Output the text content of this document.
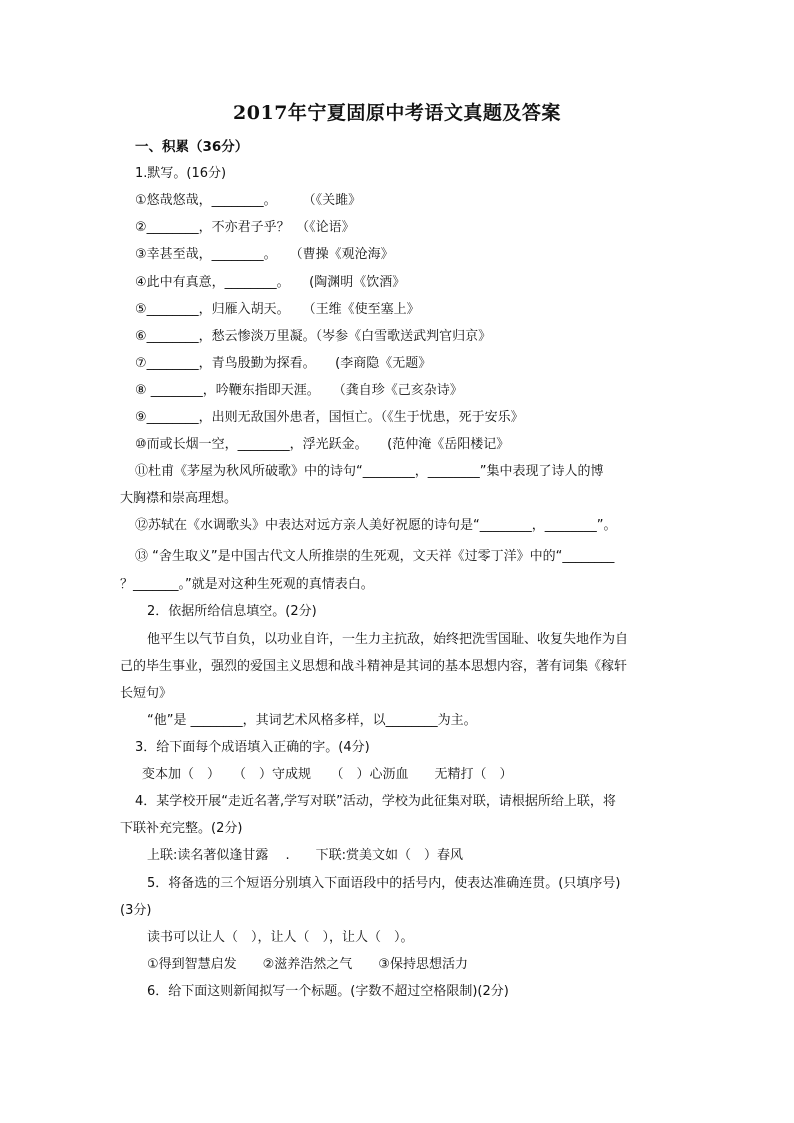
2017年宁夏固原中考语文真题及答案
一、积累（36分）
1.默写。(16分)
①悠哉悠哉，________。　　　（《关雎》
②________，不亦君子乎？　（《论语》
③幸甚至哉，________。　　（曹操《观沧海》
④此中有真意，________。　　(陶渊明《饮酒》
⑤________，归雁入胡天。　　（王维《使至塞上》
⑥________，愁云惨淡万里凝。（岑参《白雪歌送武判官归京》
⑦________，青鸟殷勤为探看。　　(李商隐《无题》
⑧ ________，吟鞭东指即天涯。　　（龚自珍《己亥杂诗》
⑨________，出则无敌国外患者，国恒亡。（《生于忧患，死于安乐》
⑩而或长烟一空，________，浮光跃金。　　(范仲淹《岳阳楼记》
⑪杜甫《茅屋为秋风所破歌》中的诗句“________，________”集中表现了诗人的博
大胸襟和崇高理想。
⑫苏轼在《水调歌头》中表达对远方亲人美好祝愿的诗句是“________，________”。
⑬ “舍生取义”是中国古代文人所推崇的生死观，文天祥《过零丁洋》中的“________
？_______。”就是对这种生死观的真情表白。
2．依据所给信息填空。(2分)
他平生以气节自负，以功业自许，一生力主抗敌，始终把洗雪国耻、收复失地作为自
己的毕生事业，强烈的爱国主义思想和战斗精神是其词的基本思想内容，著有词集《稼轩
长短句》
“他”是 ________，其词艺术风格多样，以________为主。
3．给下面每个成语填入正确的字。(4分)
变本加（　）　　（　）守成规　　（　）心沥血　　无精打（　）
4．某学校开展“走近名著,学写对联”活动，学校为此征集对联，请根据所给上联，将
下联补充完整。(2分)
上联:读名著似逢甘露　 .　　下联:赏美文如（　）春风
5．将备选的三个短语分别填入下面语段中的括号内，使表达准确连贯。(只填序号)
(3分)
读书可以让人（　），让人（　），让人（　）。
①得到智慧启发　　②滋养浩然之气　　③保持思想活力
6．给下面这则新闻拟写一个标题。(字数不超过空格限制)(2分)
